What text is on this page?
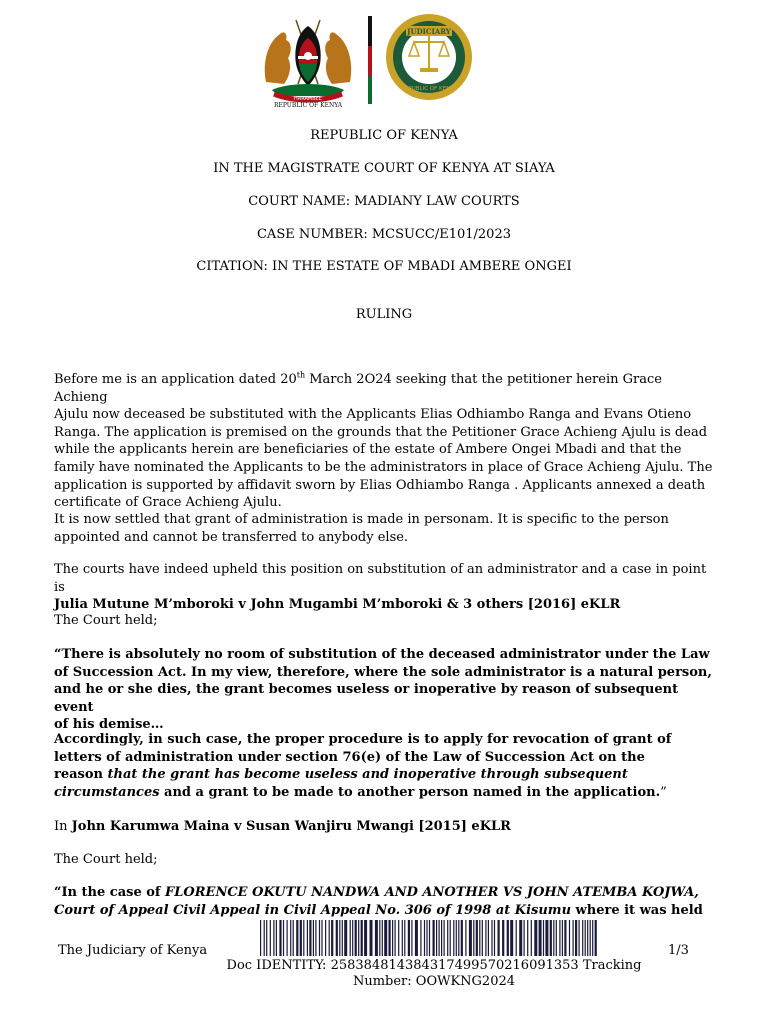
HARAMBEE
REPUBLIC OF KENYA
JUDICIARY
REPUBLIC OF KENYA
REPUBLIC OF KENYA
IN THE MAGISTRATE COURT OF KENYA AT SIAYA
COURT NAME: MADIANY LAW COURTS
CASE NUMBER: MCSUCC/E101/2023
CITATION: IN THE ESTATE OF MBADI AMBERE ONGEI
RULING

Before me is an application dated 20th March 2O24 seeking that the petitioner herein Grace Achieng

Ajulu now deceased be substituted with the Applicants Elias Odhiambo Ranga and Evans Otieno

Ranga. The application is premised on the grounds that the Petitioner Grace Achieng Ajulu is dead

while the applicants herein are beneficiaries of the estate of Ambere Ongei Mbadi and that the

family have nominated the Applicants to be the administrators in place of Grace Achieng Ajulu. The

application is supported by affidavit sworn by Elias Odhiambo Ranga . Applicants annexed a death

certificate of Grace Achieng Ajulu.

It is now settled that grant of administration is made in personam. It is specific to the person

appointed and cannot be transferred to anybody else.

The courts have indeed upheld this position on substitution of an administrator and a case in point is

Julia Mutune M’mboroki v John Mugambi M’mboroki & 3 others [2016] eKLR

The Court held;

“There is absolutely no room of substitution of the deceased administrator under the Law

of Succession Act. In my view, therefore, where the sole administrator is a natural person,

and he or she dies, the grant becomes useless or inoperative by reason of subsequent event

of his demise…

Accordingly, in such case, the proper procedure is to apply for revocation of grant of

letters of administration under section 76(e) of the Law of Succession Act on the

reason that the grant has become useless and inoperative through subsequent

circumstances and a grant to be made to another person named in the application.”

In John Karumwa Maina v Susan Wanjiru Mwangi [2015] eKLR

The Court held;

“In the case of FLORENCE OKUTU NANDWA AND ANOTHER VS JOHN ATEMBA KOJWA,

Court of Appeal Civil Appeal in Civil Appeal No. 306 of 1998 at Kisumu where it was held

The Judiciary of Kenya	1/3
Doc IDENTITY: 258384814384317499570216091353 Tracking
Number: OOWKNG2024
